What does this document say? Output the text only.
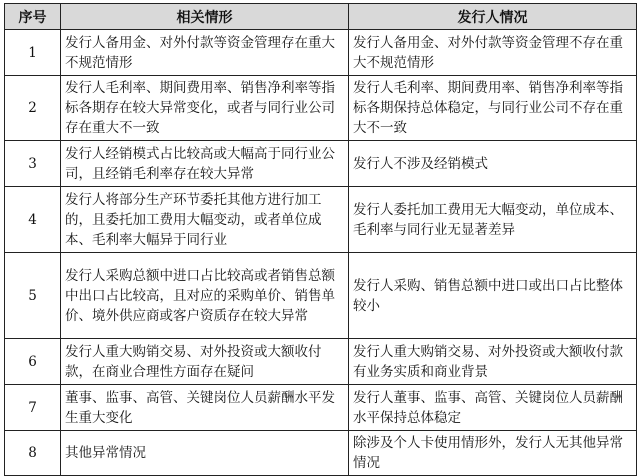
序号	相关情形	发行人情况
1	发行人备用金、对外付款等资金管理存在重大不规范情形	发行人备用金、对外付款等资金管理不存在重大不规范情形
2	发行人毛利率、期间费用率、销售净利率等指标各期存在较大异常变化，或者与同行业公司存在重大不一致	发行人毛利率、期间费用率、销售净利率等指标各期保持总体稳定，与同行业公司不存在重大不一致
3	发行人经销模式占比较高或大幅高于同行业公司，且经销毛利率存在较大异常	发行人不涉及经销模式
4	发行人将部分生产环节委托其他方进行加工的，且委托加工费用大幅变动，或者单位成本、毛利率大幅异于同行业	发行人委托加工费用无大幅变动，单位成本、毛利率与同行业无显著差异
5	发行人采购总额中进口占比较高或者销售总额中出口占比较高，且对应的采购单价、销售单价、境外供应商或客户资质存在较大异常	发行人采购、销售总额中进口或出口占比整体较小
6	发行人重大购销交易、对外投资或大额收付款，在商业合理性方面存在疑问	发行人重大购销交易、对外投资或大额收付款有业务实质和商业背景
7	董事、监事、高管、关键岗位人员薪酬水平发生重大变化	发行人董事、监事、高管、关键岗位人员薪酬水平保持总体稳定
8	其他异常情况	除涉及个人卡使用情形外，发行人无其他异常情况
